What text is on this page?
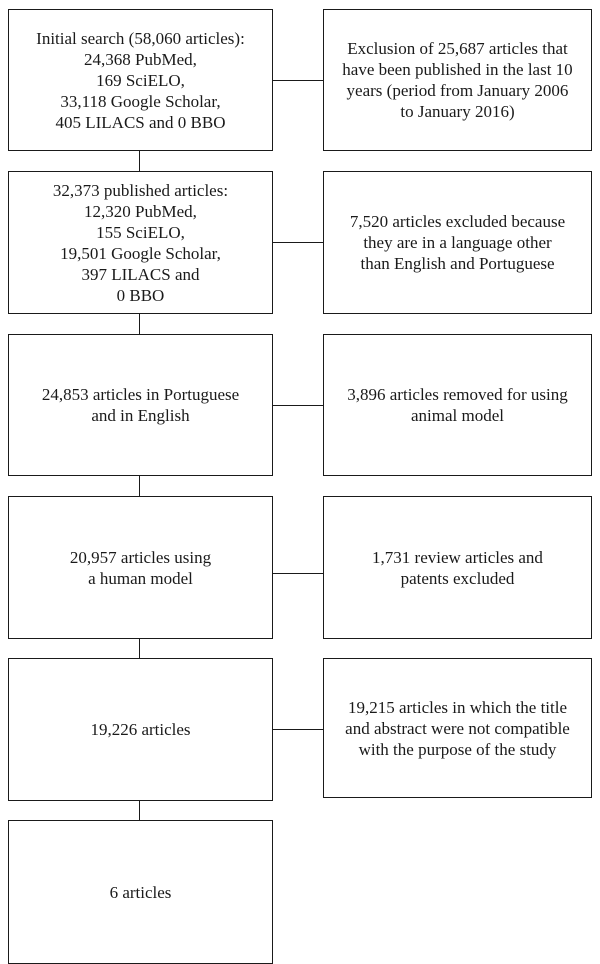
Initial search (58,060 articles):
24,368 PubMed,
169 SciELO,
33,118 Google Scholar,
405 LILACS and 0 BBO
32,373 published articles:
12,320 PubMed,
155 SciELO,
19,501 Google Scholar,
397 LILACS and
0 BBO
24,853 articles in Portuguese
and in English
20,957 articles using
a human model
19,226 articles
6 articles
Exclusion of 25,687 articles that
have been published in the last 10
years (period from January 2006
to January 2016)
7,520 articles excluded because
they are in a language other
than English and Portuguese
3,896 articles removed for using
animal model
1,731 review articles and
patents excluded
19,215 articles in which the title
and abstract were not compatible
with the purpose of the study
